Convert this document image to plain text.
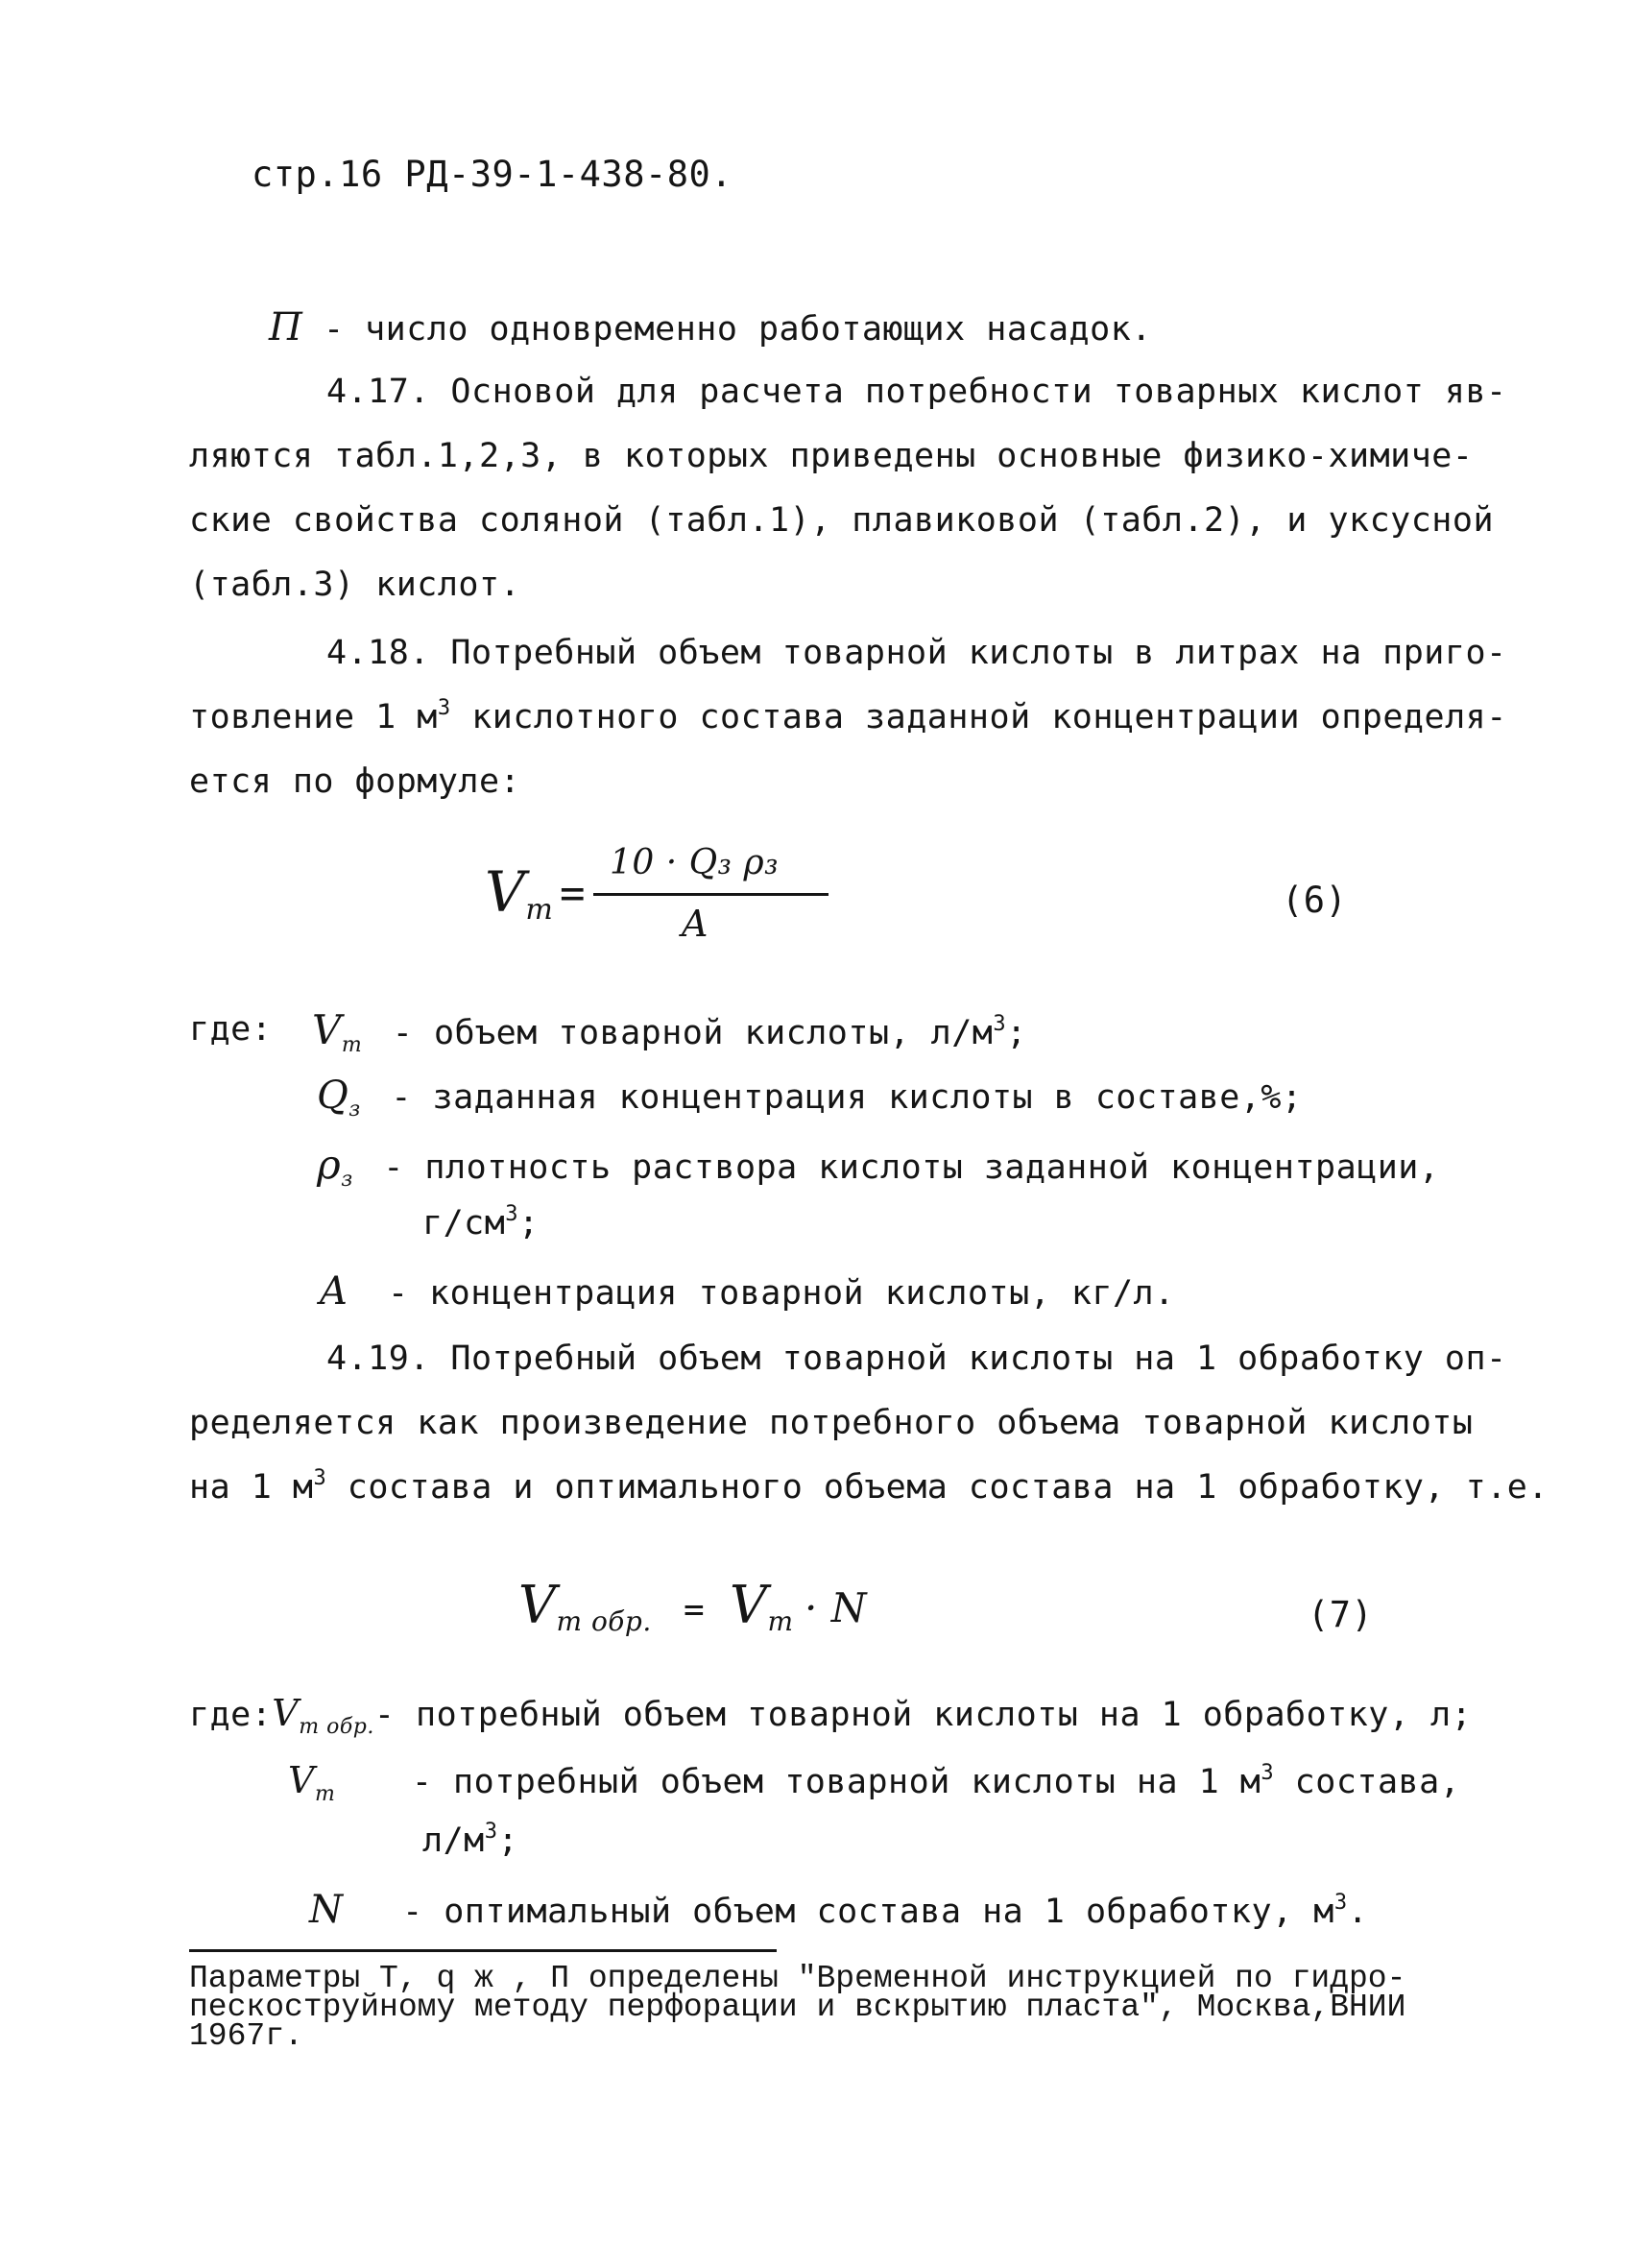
стр.16 РД-39-1-438-80.
П - число одновременно работающих насадок.
4.17. Основой для расчета потребности товарных кислот яв-
ляются табл.1,2,3, в которых приведены основные физико-химиче-
ские свойства соляной (табл.1), плавиковой (табл.2), и уксусной
(табл.3) кислот.
4.18. Потребный объем товарной кислоты в литрах на приго-
товление 1 $м^3$ кислотного состава заданной концентрации определя-
ется по формуле:
$V_т$ =
10 · Q₃ ρ₃
A
(6)
где: $V_т$ - объем товарной кислоты, $л/м^3$;
$Q_з$ - заданная концентрация кислоты в составе,%;
$\rho_з$ - плотность раствора кислоты заданной концентрации,
$г/см^3$;
A - концентрация товарной кислоты, кг/л.
4.19. Потребный объем товарной кислоты на 1 обработку оп-
ределяется как произведение потребного объема товарной кислоты
на 1 $м^3$ состава и оптимального объема состава на 1 обработку, т.е.
$V_{т обр.} = V_т \cdot N$	(7)
$где:V_{т обр.}-$ потребный объем товарной кислоты на 1 обработку, л;
$V_т$ - потребный объем товарной кислоты на 1 $м^3$ состава,
$л/м^3$;
N - оптимальный объем состава на 1 обработку, $м^3$.
Параметры T, q ж , П определены "Временной инструкцией по гидро-
пескоструйному методу перфорации и вскрытию пласта", Москва,ВНИИ
1967г.
